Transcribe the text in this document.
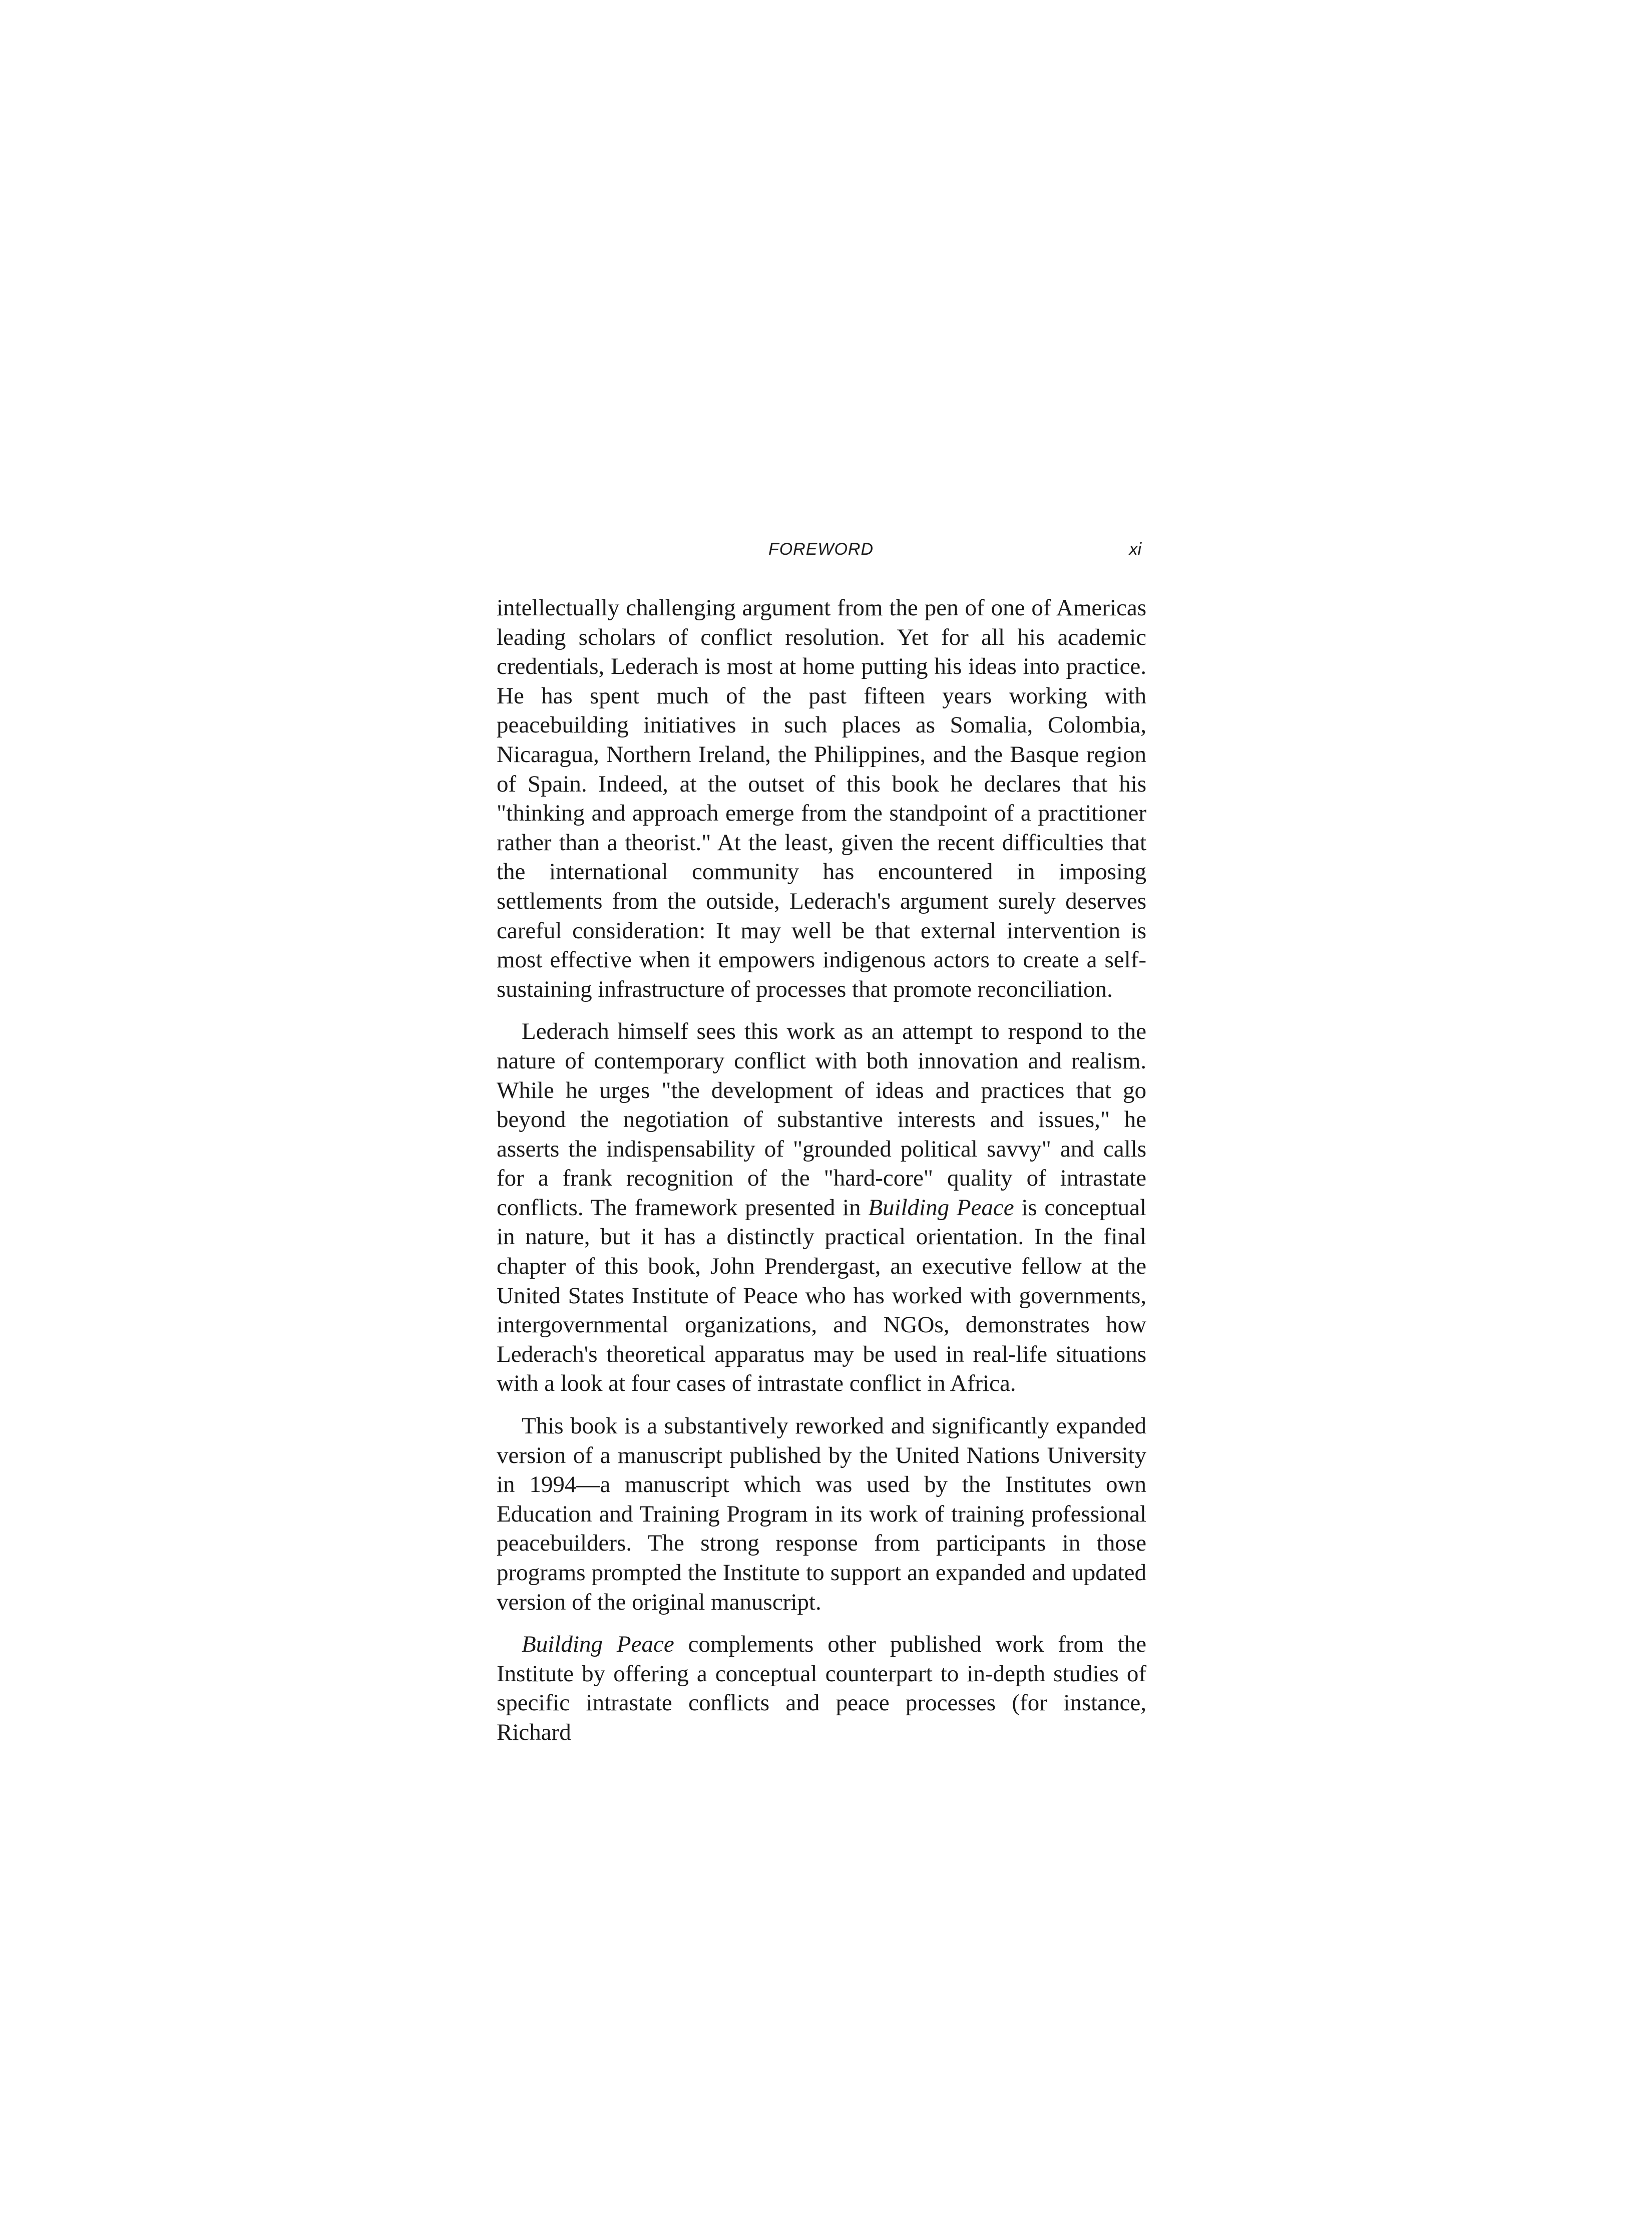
FOREWORD	xi

intellectually challenging argument from the pen of one of Americas leading scholars of conflict resolution. Yet for all his academic credentials, Lederach is most at home putting his ideas into practice. He has spent much of the past fifteen years working with peacebuilding initiatives in such places as Somalia, Colombia, Nicaragua, Northern Ireland, the Philippines, and the Basque region of Spain. Indeed, at the outset of this book he declares that his "thinking and approach emerge from the standpoint of a practitioner rather than a theorist." At the least, given the recent difficulties that the international community has encountered in imposing settlements from the outside, Lederach's argument surely deserves careful consideration: It may well be that external intervention is most effective when it empowers indigenous actors to create a self-sustaining infrastructure of processes that promote reconciliation.

Lederach himself sees this work as an attempt to respond to the nature of contemporary conflict with both innovation and realism. While he urges "the development of ideas and practices that go beyond the negotiation of substantive interests and issues," he asserts the indispensability of "grounded political savvy" and calls for a frank recognition of the "hard-core" quality of intrastate conflicts. The framework presented in Building Peace is conceptual in nature, but it has a distinctly practical orientation. In the final chapter of this book, John Prendergast, an executive fellow at the United States Institute of Peace who has worked with governments, intergovernmental organizations, and NGOs, demonstrates how Lederach's theoretical apparatus may be used in real-life situations with a look at four cases of intrastate conflict in Africa.

This book is a substantively reworked and significantly expanded version of a manuscript published by the United Nations University in 1994—a manuscript which was used by the Institutes own Education and Training Program in its work of training professional peacebuilders. The strong response from participants in those programs prompted the Institute to support an expanded and updated version of the original manuscript.

Building Peace complements other published work from the Institute by offering a conceptual counterpart to in-depth studies of specific intrastate conflicts and peace processes (for instance, Richard
